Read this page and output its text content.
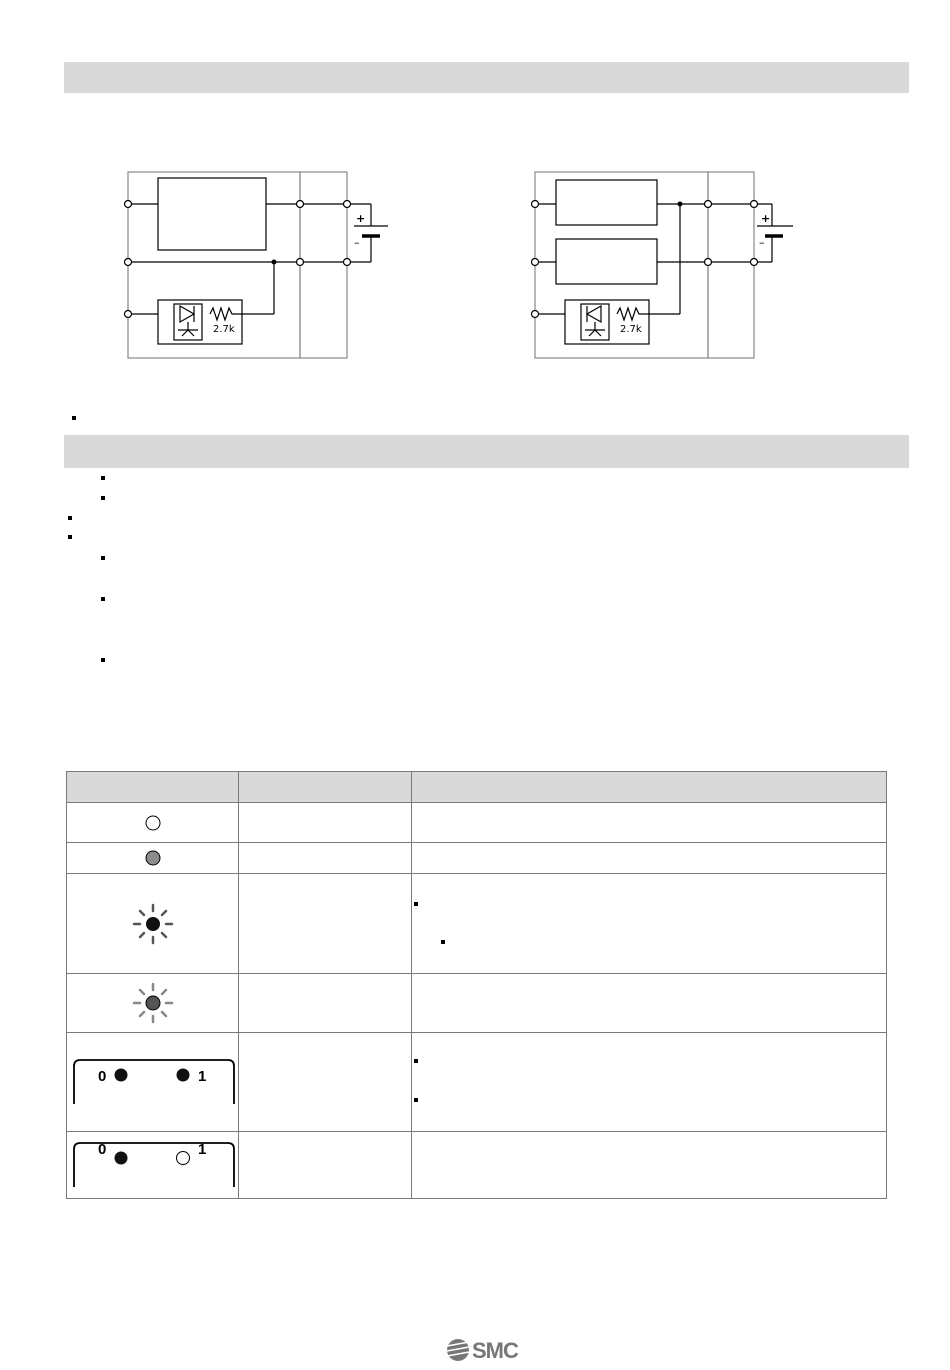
2.7k
+
–
2.7k
+
–

0 1		

0 1		

SMC
